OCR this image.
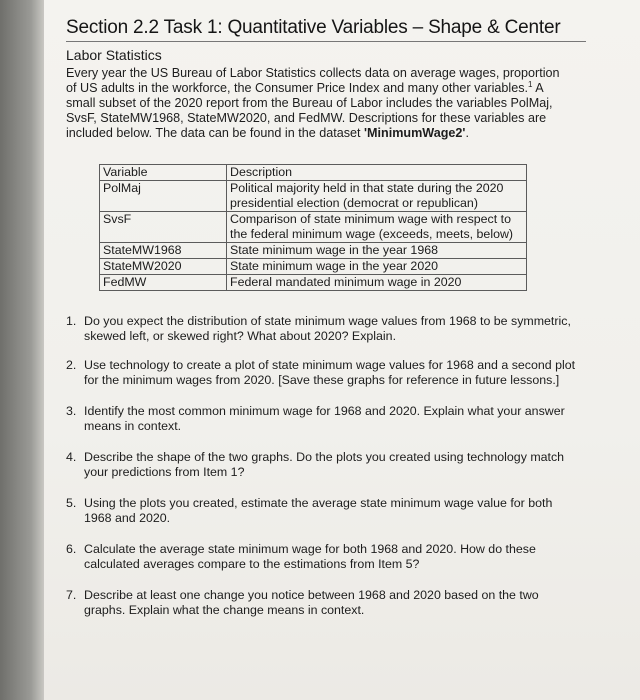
Section 2.2 Task 1: Quantitative Variables – Shape & Center
Labor Statistics
Every year the US Bureau of Labor Statistics collects data on average wages, proportion of US adults in the workforce, the Consumer Price Index and many other variables.$^1$ A small subset of the 2020 report from the Bureau of Labor includes the variables PolMaj, SvsF, StateMW1968, StateMW2020, and FedMW. Descriptions for these variables are included below. The data can be found in the dataset 'MinimumWage2'.
Variable	Description
PolMaj	Political majority held in that state during the 2020 presidential election (democrat or republican)
SvsF	Comparison of state minimum wage with respect to the federal minimum wage (exceeds, meets, below)
StateMW1968	State minimum wage in the year 1968
StateMW2020	State minimum wage in the year 2020
FedMW	Federal mandated minimum wage in 2020
1. Do you expect the distribution of state minimum wage values from 1968 to be symmetric, skewed left, or skewed right? What about 2020? Explain.
2. Use technology to create a plot of state minimum wage values for 1968 and a second plot for the minimum wages from 2020. [Save these graphs for reference in future lessons.]
3. Identify the most common minimum wage for 1968 and 2020. Explain what your answer means in context.
4. Describe the shape of the two graphs. Do the plots you created using technology match your predictions from Item 1?
5. Using the plots you created, estimate the average state minimum wage value for both 1968 and 2020.
6. Calculate the average state minimum wage for both 1968 and 2020. How do these calculated averages compare to the estimations from Item 5?
7. Describe at least one change you notice between 1968 and 2020 based on the two graphs. Explain what the change means in context.
